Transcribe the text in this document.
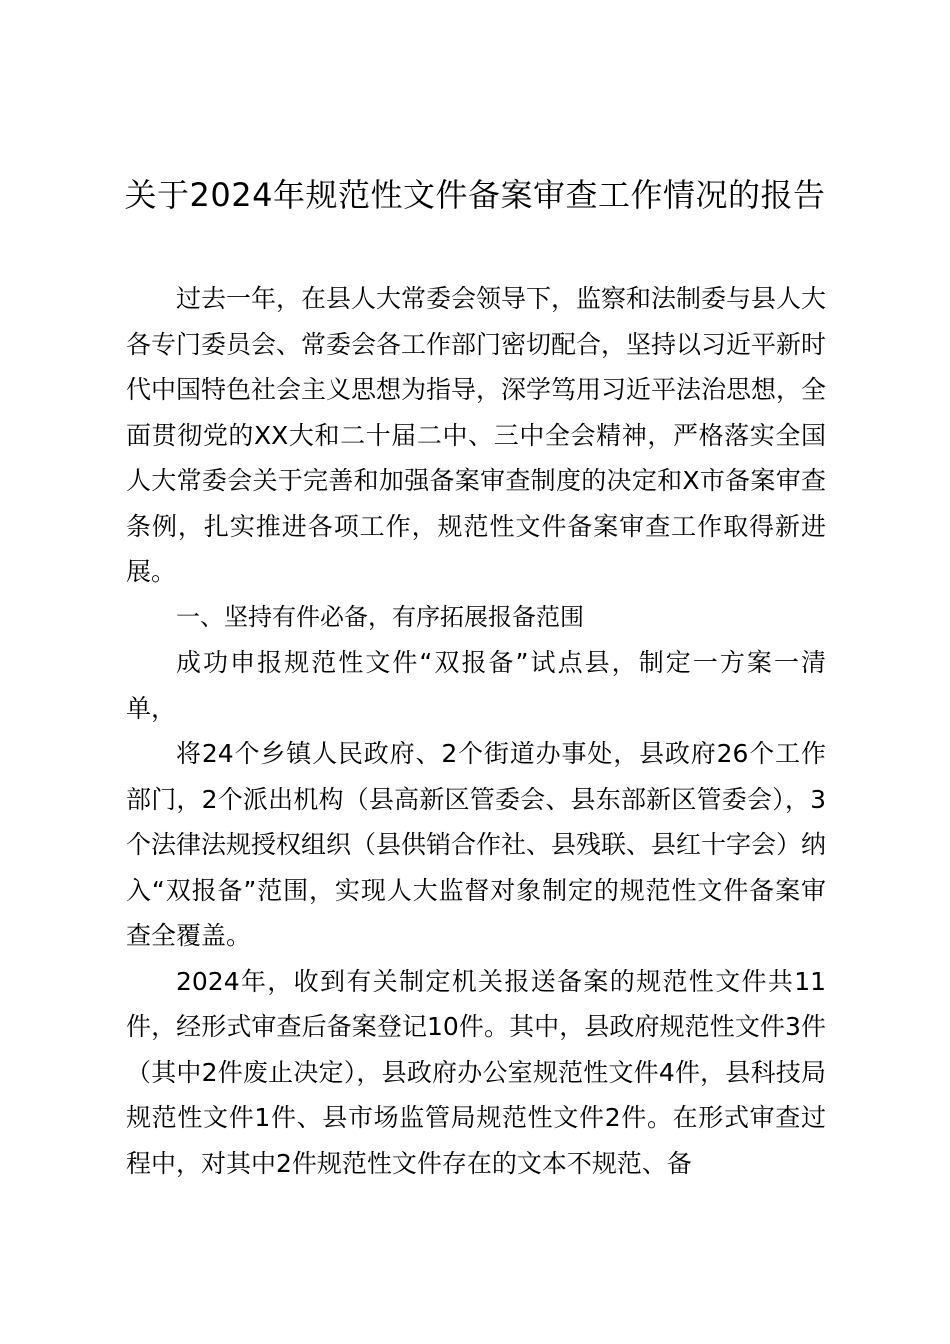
关于2024年规范性文件备案审查工作情况的报告

过去一年，在县人大常委会领导下，监察和法制委与县人大各专门委员会、常委会各工作部门密切配合，坚持以习近平新时代中国特色社会主义思想为指导，深学笃用习近平法治思想，全面贯彻党的XX大和二十届二中、三中全会精神，严格落实全国人大常委会关于完善和加强备案审查制度的决定和X市备案审查条例，扎实推进各项工作，规范性文件备案审查工作取得新进展。

一、坚持有件必备，有序拓展报备范围

成功申报规范性文件“双报备”试点县，制定一方案一清单，

将24个乡镇人民政府、2个街道办事处，县政府26个工作部门，2个派出机构（县高新区管委会、县东部新区管委会），3个法律法规授权组织（县供销合作社、县残联、县红十字会）纳入“双报备”范围，实现人大监督对象制定的规范性文件备案审查全覆盖。

2024年，收到有关制定机关报送备案的规范性文件共11件，经形式审查后备案登记10件。其中，县政府规范性文件3件（其中2件废止决定），县政府办公室规范性文件4件，县科技局规范性文件1件、县市场监管局规范性文件2件。在形式审查过程中，对其中2件规范性文件存在的文本不规范、备
